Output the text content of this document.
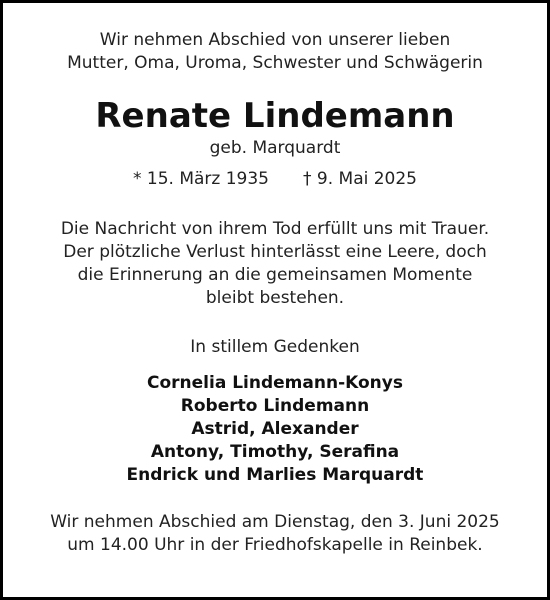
Wir nehmen Abschied von unserer lieben
Mutter, Oma, Uroma, Schwester und Schwägerin
Renate Lindemann
geb. Marquardt
* 15. März 1935 † 9. Mai 2025
Die Nachricht von ihrem Tod erfüllt uns mit Trauer.
Der plötzliche Verlust hinterlässt eine Leere, doch
die Erinnerung an die gemeinsamen Momente
bleibt bestehen.
In stillem Gedenken
Cornelia Lindemann-Konys
Roberto Lindemann
Astrid, Alexander
Antony, Timothy, Serafina
Endrick und Marlies Marquardt
Wir nehmen Abschied am Dienstag, den 3. Juni 2025
um 14.00 Uhr in der Friedhofskapelle in Reinbek.
